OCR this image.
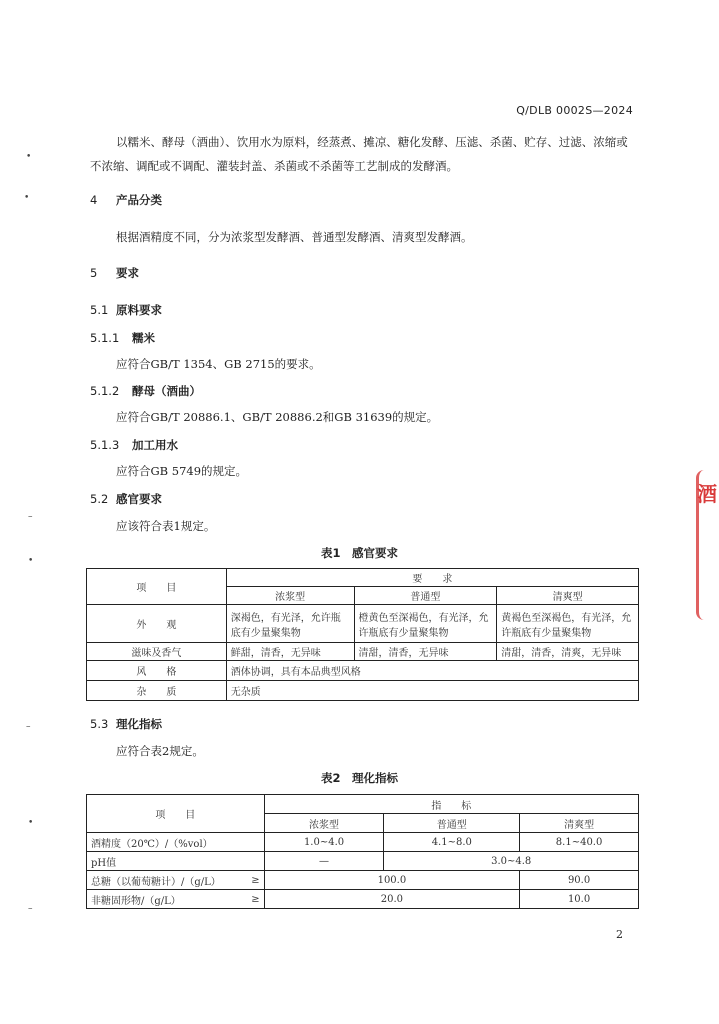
Q/DLB 0002S—2024
以糯米、酵母（酒曲）、饮用水为原料，经蒸煮、摊凉、糖化发酵、压滤、杀菌、贮存、过滤、浓缩或不浓缩、调配或不调配、灌装封盖、杀菌或不杀菌等工艺制成的发酵酒。
4 产品分类
根据酒精度不同，分为浓浆型发酵酒、普通型发酵酒、清爽型发酵酒。
5 要求
5.1 原料要求
5.1.1 糯米
应符合GB/T 1354、GB 2715的要求。
5.1.2 酵母（酒曲）
应符合GB/T 20886.1、GB/T 20886.2和GB 31639的规定。
5.1.3 加工用水
应符合GB 5749的规定。
5.2 感官要求
应该符合表1规定。
表1　感官要求
项　　目	要　　求		
	浓浆型	普通型	清爽型
外　　观	深褐色，有光泽，允许瓶底有少量聚集物	橙黄色至深褐色，有光泽，允许瓶底有少量聚集物	黄褐色至深褐色，有光泽，允许瓶底有少量聚集物
滋味及香气	鲜甜，清香，无异味	清甜，清香，无异味	清甜，清香，清爽，无异味
风　　格	酒体协调，具有本品典型风格		
杂　　质	无杂质		
5.3 理化指标
应符合表2规定。
表2　理化指标
项　　目		指　　标		
		浓浆型	普通型	清爽型
酒精度（20℃）/（%vol）		1.0~4.0	4.1~8.0	8.1~40.0
pH值		—	3.0~4.8	
总糖（以葡萄糖计）/（g/L）	≥	100.0		90.0
非糖固形物/（g/L）	≥	20.0		10.0
2
酒
•
•
–
•
–
•
–
